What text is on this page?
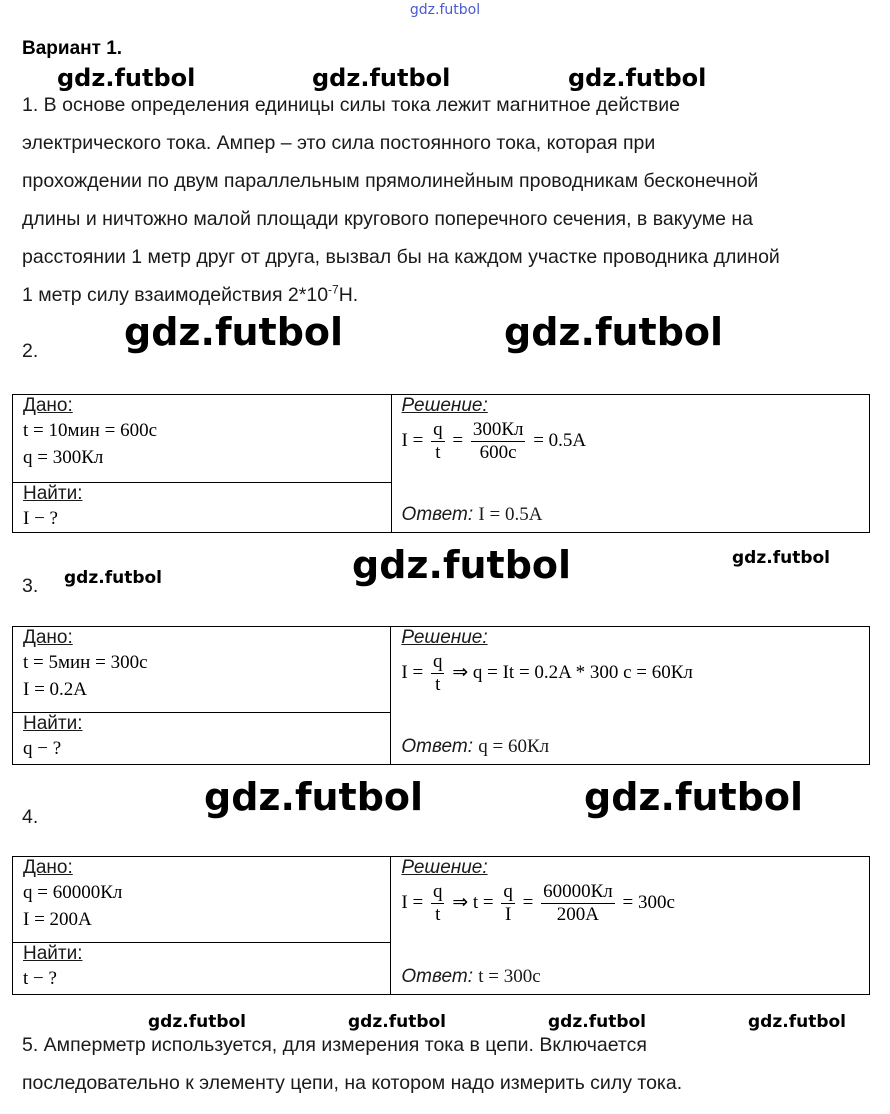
gdz.futbol
Вариант 1.
gdz.futbol	gdz.futbol	gdz.futbol
1. В основе определения единицы силы тока лежит магнитное действие
электрического тока. Ампер – это сила постоянного тока, которая при
прохождении по двум параллельным прямолинейным проводникам бесконечной
длины и ничтожно малой площади кругового поперечного сечения, в вакууме на
расстоянии 1 метр друг от друга, вызвал бы на каждом участке проводника длиной
1 метр силу взаимодействия $2*10^{-7}Н$.
gdz.futbol	gdz.futbol
2.
Дано:
t = 10мин = 600с
q = 300Кл

Решение:
$I = \frac{q}{t} = \frac{300Кл}{600с} = 0.5A$
Ответ: I = 0.5A

Найти:
I − ?
gdz.futbol	gdz.futbol	gdz.futbol
3.
Дано:
t = 5мин = 300с
I = 0.2A

Решение:
$I = \frac{q}{t}$ ⇒ q = It = 0.2A * 300 c = 60Кл
Ответ: q = 60Кл

Найти:
q − ?
gdz.futbol	gdz.futbol
4.
Дано:
q = 60000Кл
I = 200A

Решение:
$I = \frac{q}{t}$ ⇒ $t = \frac{q}{I} = \frac{60000Кл}{200A} = 300с$
Ответ: t = 300с

Найти:
t − ?
gdz.futbol	gdz.futbol	gdz.futbol	gdz.futbol
5. Амперметр используется, для измерения тока в цепи. Включается
последовательно к элементу цепи, на котором надо измерить силу тока.
